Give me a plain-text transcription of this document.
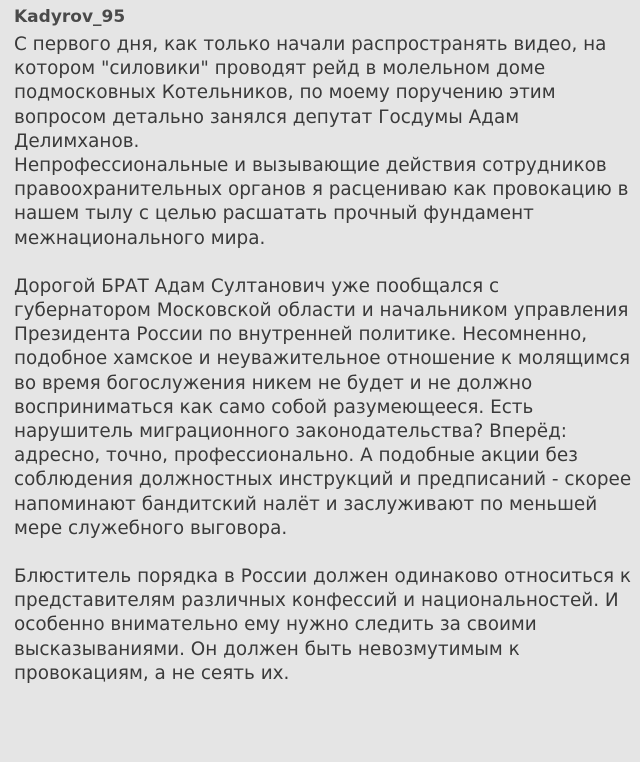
Kadyrov_95
С первого дня, как только начали распространять видео, на
котором "силовики" проводят рейд в молельном доме
подмосковных Котельников, по моему поручению этим
вопросом детально занялся депутат Госдумы Адам
Делимханов.
Непрофессиональные и вызывающие действия сотрудников
правоохранительных органов я расцениваю как провокацию в
нашем тылу с целью расшатать прочный фундамент
межнационального мира.
Дорогой БРАТ Адам Султанович уже пообщался с
губернатором Московской области и начальником управления
Президента России по внутренней политике. Несомненно,
подобное хамское и неуважительное отношение к молящимся
во время богослужения никем не будет и не должно
восприниматься как само собой разумеющееся. Есть
нарушитель миграционного законодательства? Вперёд:
адресно, точно, профессионально. А подобные акции без
соблюдения должностных инструкций и предписаний - скорее
напоминают бандитский налёт и заслуживают по меньшей
мере служебного выговора.
Блюститель порядка в России должен одинаково относиться к
представителям различных конфессий и национальностей. И
особенно внимательно ему нужно следить за своими
высказываниями. Он должен быть невозмутимым к
провокациям, а не сеять их.
